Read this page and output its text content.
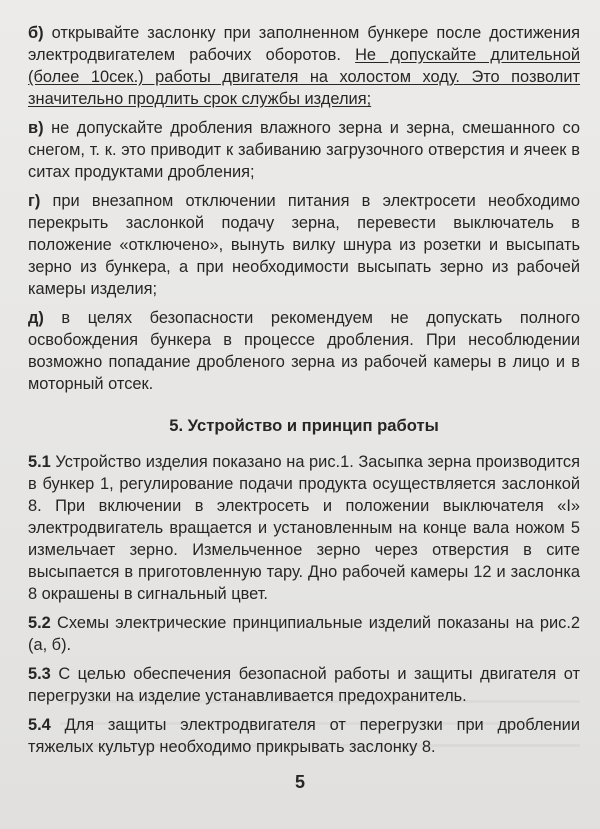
б) открывайте заслонку при заполненном бункере после достижения электродвигателем рабочих оборотов. Не допускайте длительной (более 10сек.) работы двигателя на холостом ходу. Это позволит значительно продлить срок службы изделия;

в) не допускайте дробления влажного зерна и зерна, смешанного со снегом, т. к. это приводит к забиванию загрузочного отверстия и ячеек в ситах продуктами дробления;

г) при внезапном отключении питания в электросети необходимо перекрыть заслонкой подачу зерна, перевести выключатель в положение «отключено», вынуть вилку шнура из розетки и высыпать зерно из бункера, а при необходимости высыпать зерно из рабочей камеры изделия;

д) в целях безопасности рекомендуем не допускать полного освобождения бункера в процессе дробления. При несоблюдении возможно попадание дробленого зерна из рабочей камеры в лицо и в моторный отсек.

5. Устройство и принцип работы

5.1 Устройство изделия показано на рис.1. Засыпка зерна производится в бункер 1, регулирование подачи продукта осуществляется заслонкой 8. При включении в электросеть и положении выключателя «I» электродвигатель вращается и установленным на конце вала ножом 5 измельчает зерно. Измельченное зерно через отверстия в сите высыпается в приготовленную тару. Дно рабочей камеры 12 и заслонка 8 окрашены в сигнальный цвет.

5.2 Схемы электрические принципиальные изделий показаны на рис.2 (а, б).

5.3 С целью обеспечения безопасной работы и защиты двигателя от перегрузки на изделие устанавливается предохранитель.

5.4 Для защиты электродвигателя от перегрузки при дроблении тяжелых культур необходимо прикрывать заслонку 8.

5
